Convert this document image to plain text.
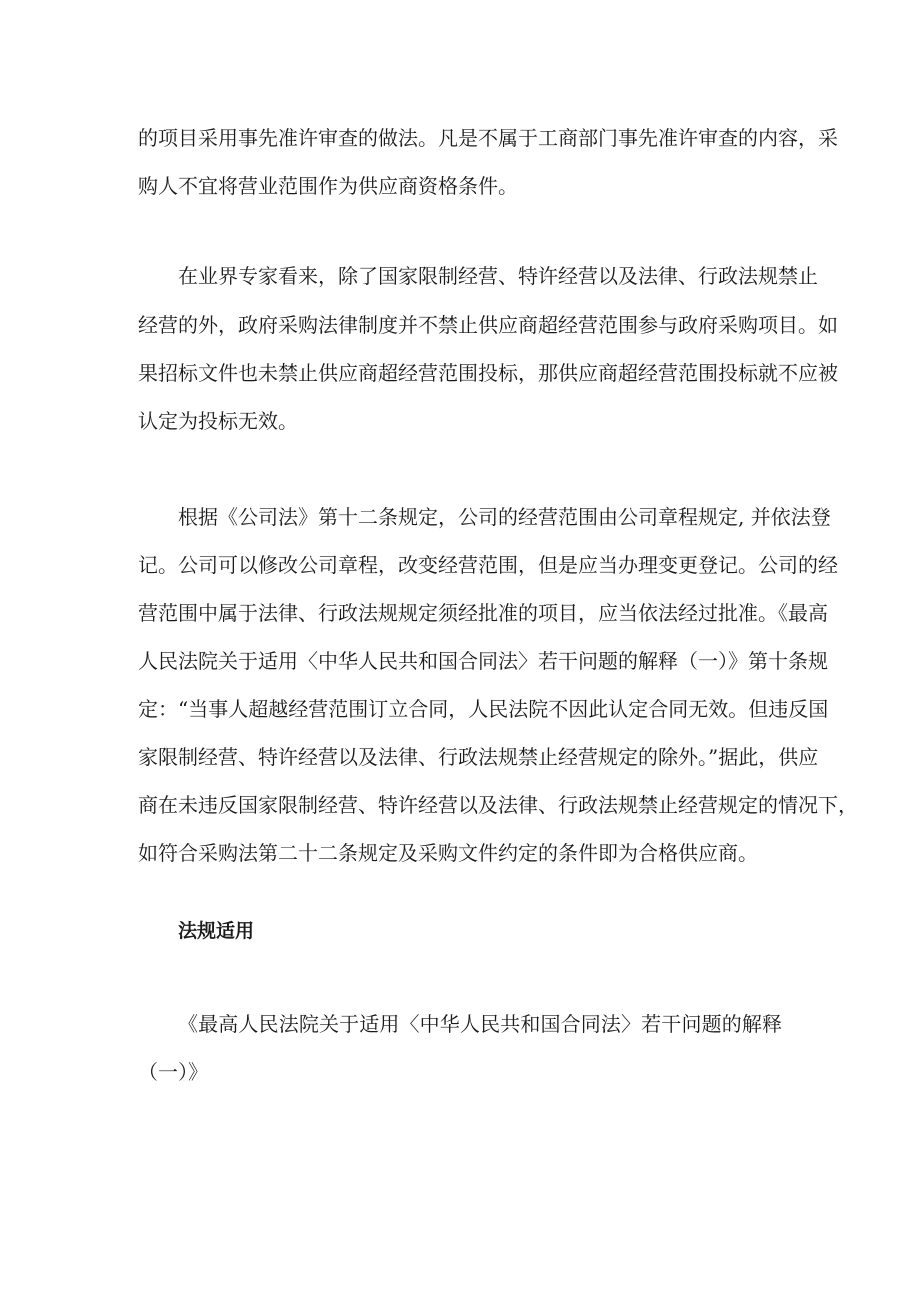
的项目采用事先准许审查的做法。凡是不属于工商部门事先准许审查的内容，采
购人不宜将营业范围作为供应商资格条件。
在业界专家看来，除了国家限制经营、特许经营以及法律、行政法规禁止
经营的外，政府采购法律制度并不禁止供应商超经营范围参与政府采购项目。如
果招标文件也未禁止供应商超经营范围投标，那供应商超经营范围投标就不应被
认定为投标无效。
根据《公司法》第十二条规定，公司的经营范围由公司章程规定, 并依法登
记。公司可以修改公司章程，改变经营范围，但是应当办理变更登记。公司的经
营范围中属于法律、行政法规规定须经批准的项目，应当依法经过批准。《最高
人民法院关于适用〈中华人民共和国合同法〉若干问题的解释（一）》第十条规
定：“当事人超越经营范围订立合同，人民法院不因此认定合同无效。但违反国
家限制经营、特许经营以及法律、行政法规禁止经营规定的除外。”据此，供应
商在未违反国家限制经营、特许经营以及法律、行政法规禁止经营规定的情况下，
如符合采购法第二十二条规定及采购文件约定的条件即为合格供应商。
法规适用
《最高人民法院关于适用〈中华人民共和国合同法〉若干问题的解释
（一）》
